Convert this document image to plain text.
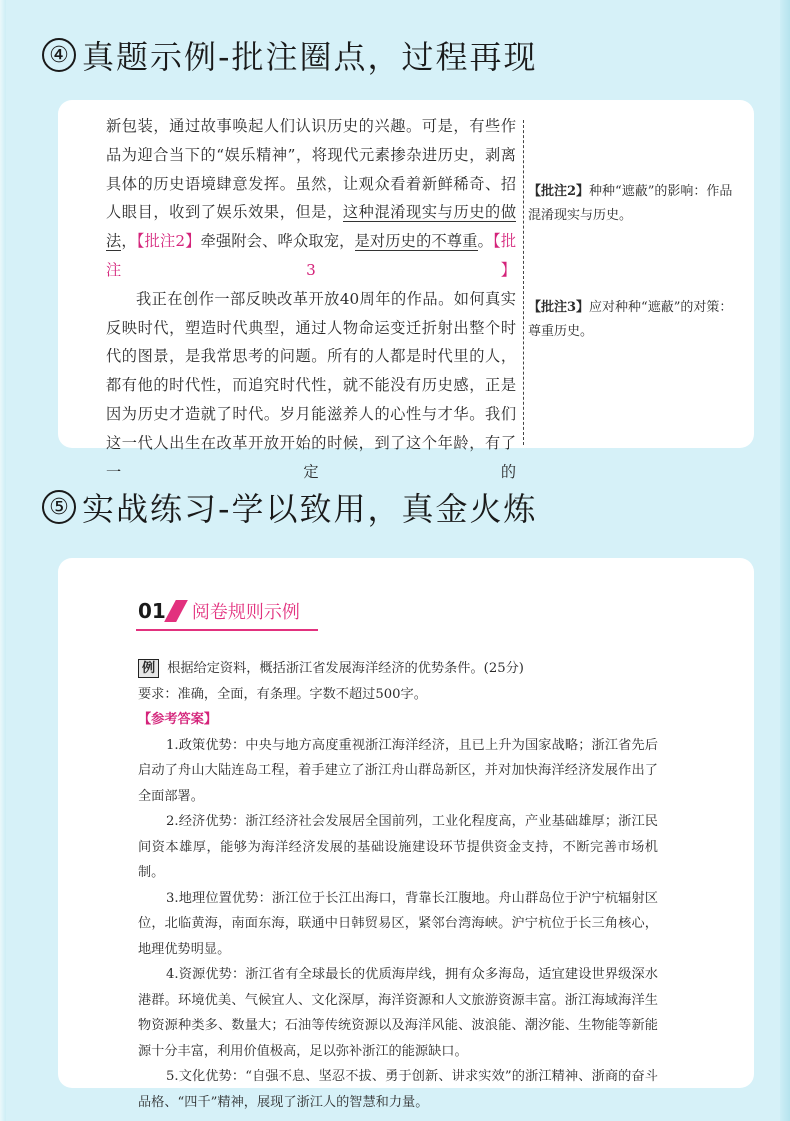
④ 真题示例-批注圈点，过程再现

新包装，通过故事唤起人们认识历史的兴趣。可是，有些作品为迎合当下的“娱乐精神”，将现代元素掺杂进历史，剥离具体的历史语境肆意发挥。虽然，让观众看着新鲜稀奇、招人眼目，收到了娱乐效果，但是，这种混淆现实与历史的做法，【批注2】牵强附会、哗众取宠，是对历史的不尊重。【批注3】

我正在创作一部反映改革开放40周年的作品。如何真实反映时代，塑造时代典型，通过人物命运变迁折射出整个时代的图景，是我常思考的问题。所有的人都是时代里的人，都有他的时代性，而追究时代性，就不能没有历史感，正是因为历史才造就了时代。岁月能滋养人的心性与才华。我们这一代人出生在改革开放开始的时候，到了这个年龄，有了一定的

【批注2】种种“遮蔽”的影响：作品混淆现实与历史。
【批注3】应对种种“遮蔽”的对策：尊重历史。
⑤ 实战练习-学以致用，真金火炼
01 阅卷规则示例

例 根据给定资料，概括浙江省发展海洋经济的优势条件。(25分)

要求：准确，全面，有条理。字数不超过500字。

【参考答案】

1.政策优势：中央与地方高度重视浙江海洋经济，且已上升为国家战略；浙江省先后启动了舟山大陆连岛工程，着手建立了浙江舟山群岛新区，并对加快海洋经济发展作出了全面部署。

2.经济优势：浙江经济社会发展居全国前列，工业化程度高，产业基础雄厚；浙江民间资本雄厚，能够为海洋经济发展的基础设施建设环节提供资金支持，不断完善市场机制。

3.地理位置优势：浙江位于长江出海口，背靠长江腹地。舟山群岛位于沪宁杭辐射区位，北临黄海，南面东海，联通中日韩贸易区，紧邻台湾海峡。沪宁杭位于长三角核心，地理优势明显。

4.资源优势：浙江省有全球最长的优质海岸线，拥有众多海岛，适宜建设世界级深水港群。环境优美、气候宜人、文化深厚，海洋资源和人文旅游资源丰富。浙江海域海洋生物资源种类多、数量大；石油等传统资源以及海洋风能、波浪能、潮汐能、生物能等新能源十分丰富，利用价值极高，足以弥补浙江的能源缺口。

5.文化优势：“自强不息、坚忍不拔、勇于创新、讲求实效”的浙江精神、浙商的奋斗品格、“四千”精神，展现了浙江人的智慧和力量。
